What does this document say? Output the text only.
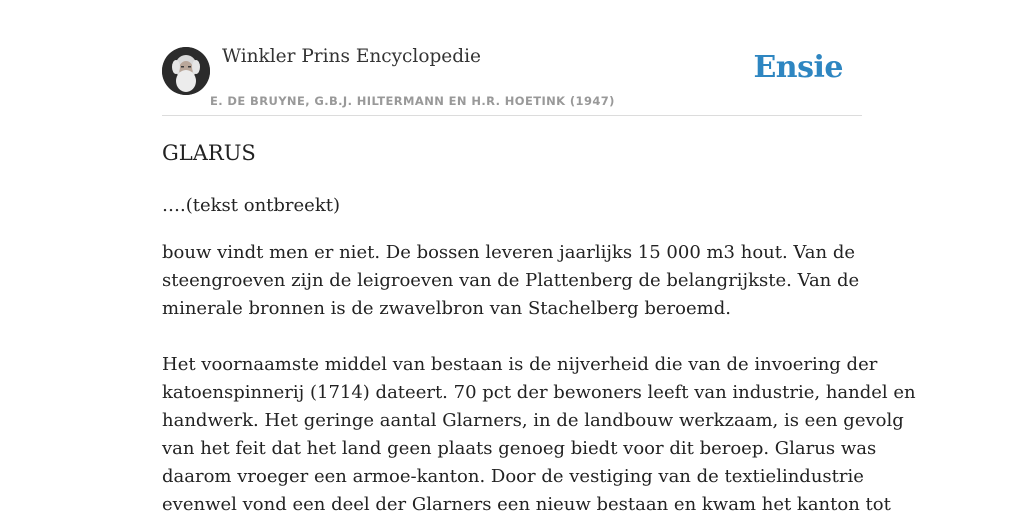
Winkler Prins Encyclopedie
E. DE BRUYNE, G.B.J. HILTERMANN EN H.R. HOETINK (1947)
Ensie
GLARUS

….(tekst ontbreekt)

bouw vindt men er niet. De bossen leveren jaarlijks 15 000 m3 hout. Van de

steengroeven zijn de leigroeven van de Plattenberg de belangrijkste. Van de

minerale bronnen is de zwavelbron van Stachelberg beroemd.

Het voornaamste middel van bestaan is de nijverheid die van de invoering der

katoenspinnerij (1714) dateert. 70 pct der bewoners leeft van industrie, handel en

handwerk. Het geringe aantal Glarners, in de landbouw werkzaam, is een gevolg

van het feit dat het land geen plaats genoeg biedt voor dit beroep. Glarus was

daarom vroeger een armoe-kanton. Door de vestiging van de textielindustrie

evenwel vond een deel der Glarners een nieuw bestaan en kwam het kanton tot
